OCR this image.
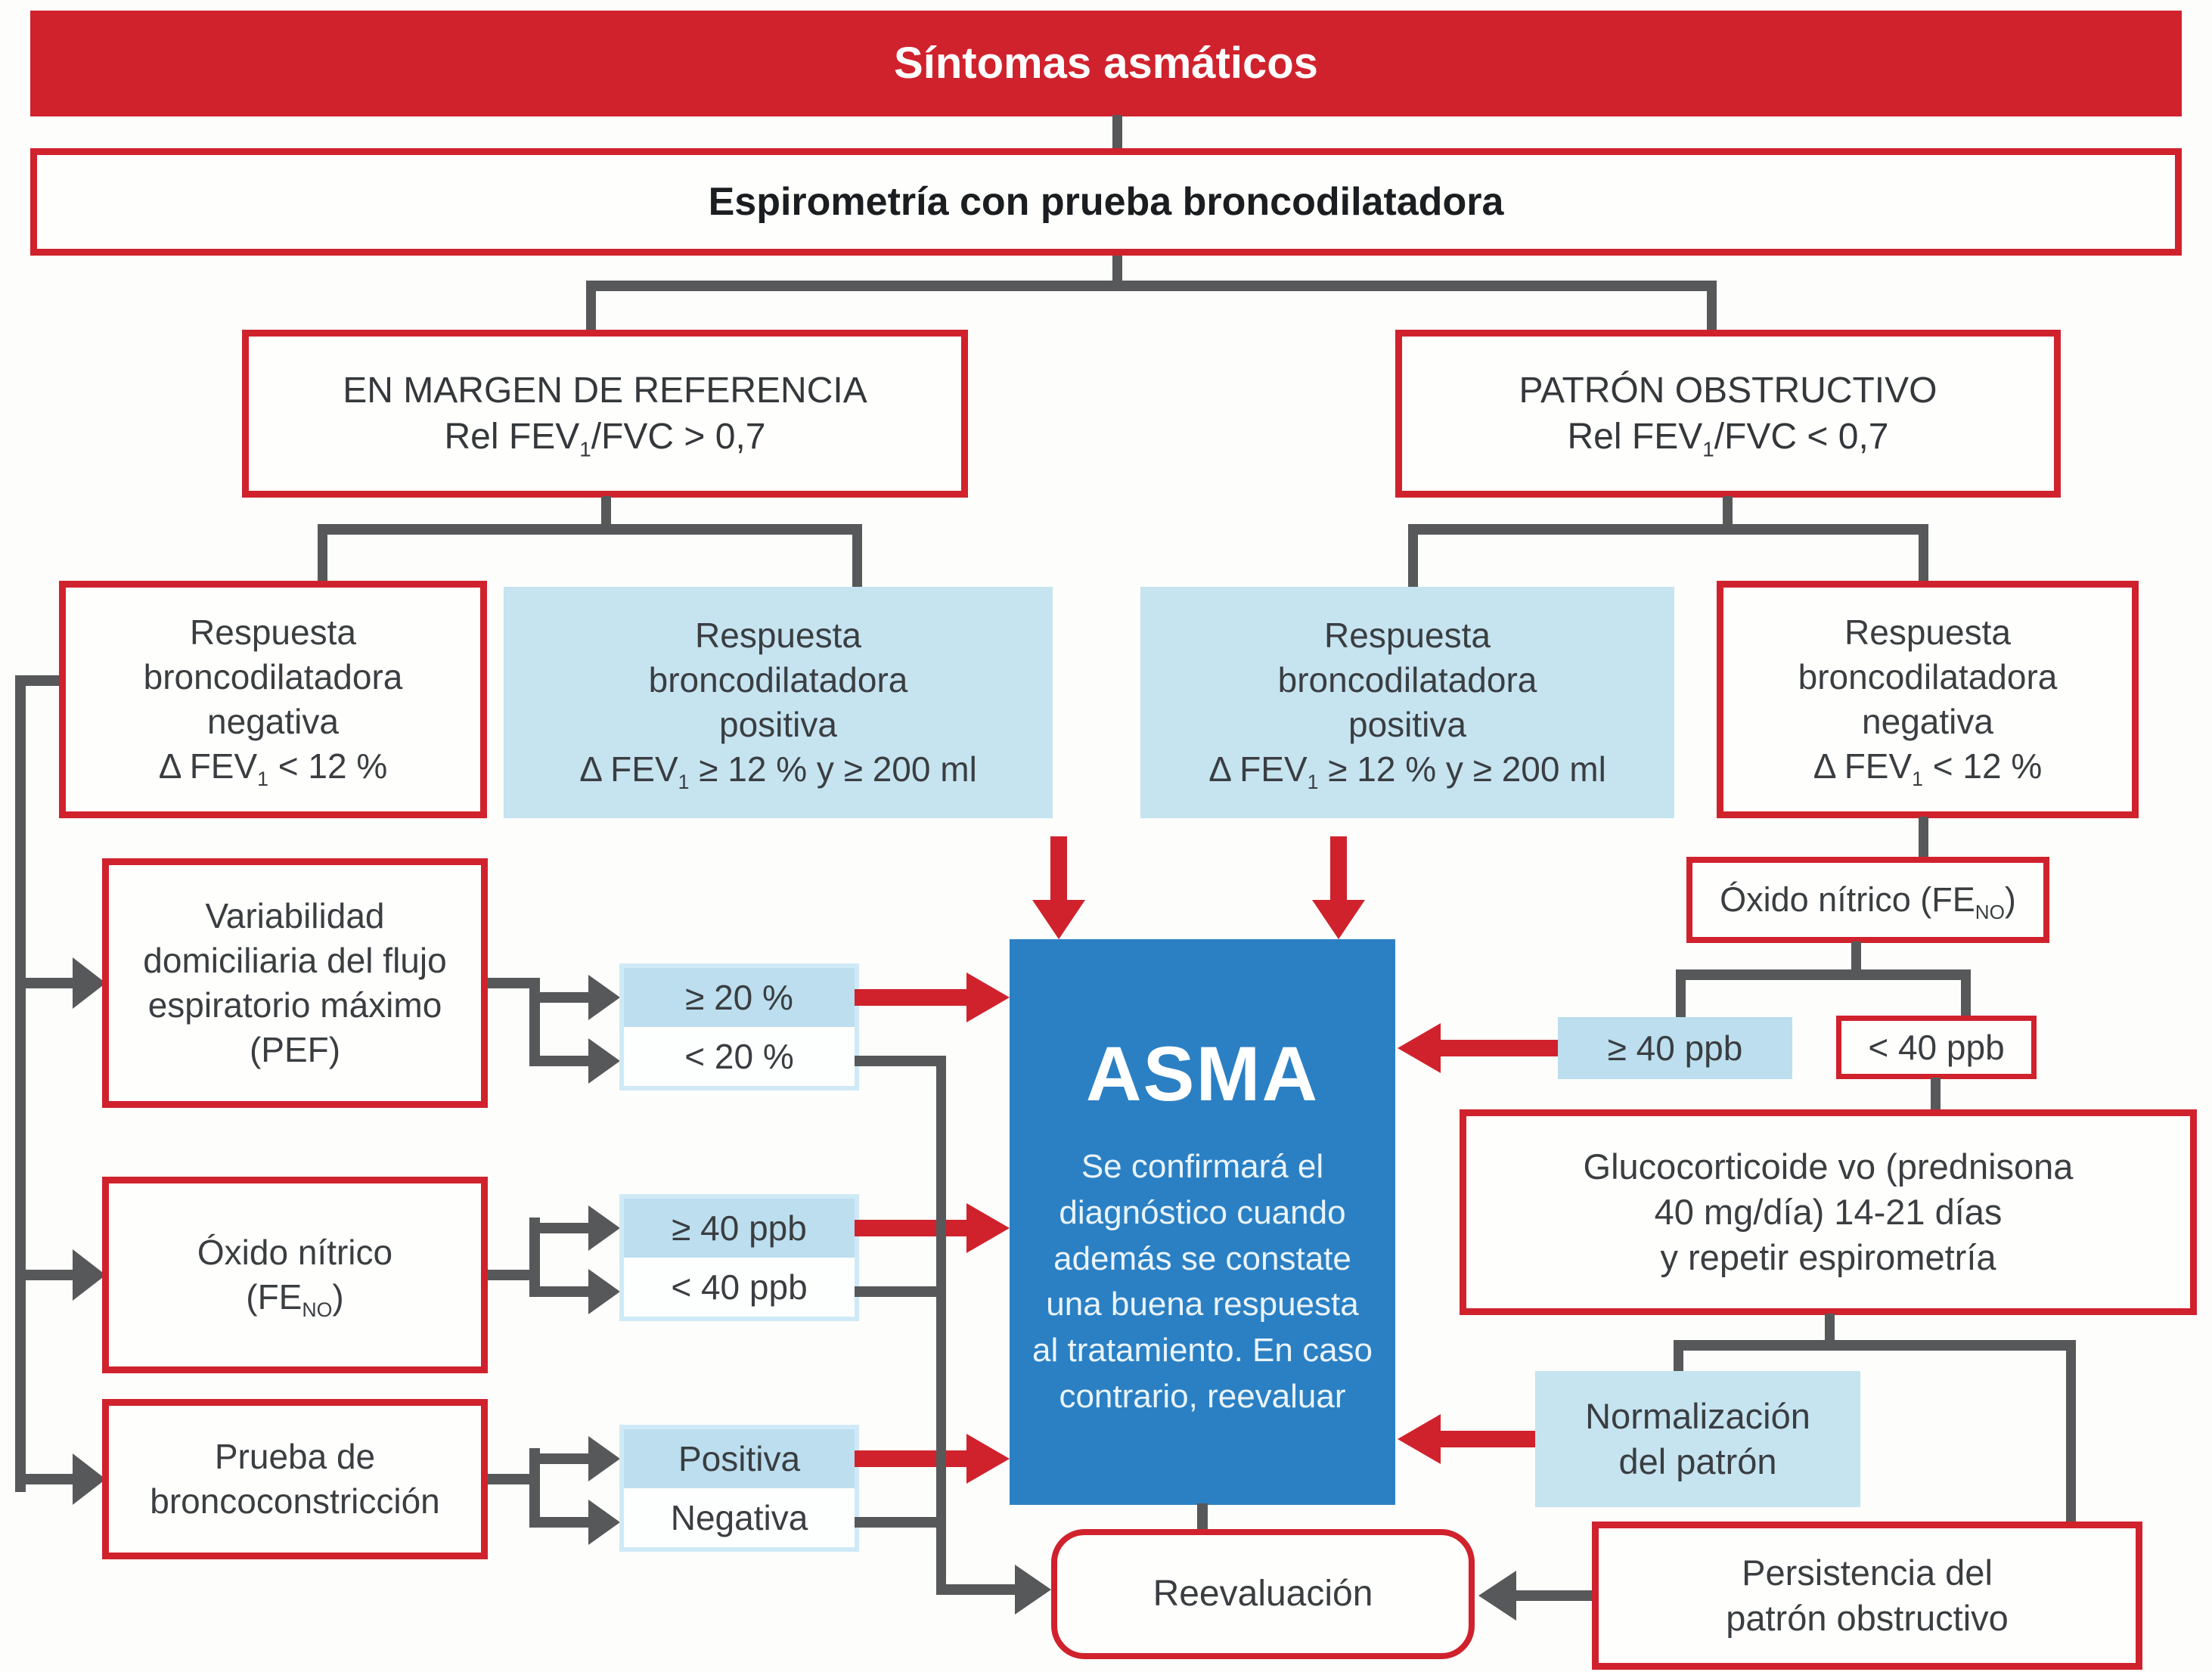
Síntomas asmáticos
Espirometría con prueba broncodilatadora
EN MARGEN DE REFERENCIA
Rel $FEV_1$/FVC > 0,7
PATRÓN OBSTRUCTIVO
Rel $FEV_1$/FVC < 0,7
Respuesta
broncodilatadora
negativa
Δ $FEV_1 < 12$ %
Respuesta
broncodilatadora
positiva
Δ $FEV_1 \ge 12$ % y ≥ 200 ml
Respuesta
broncodilatadora
positiva
Δ $FEV_1 \ge 12$ % y ≥ 200 ml
Respuesta
broncodilatadora
negativa
Δ $FEV_1 < 12$ %
Variabilidad domiciliaria del flujo espiratorio máximo (PEF)
Óxido nítrico
$(FE_{NO})$
Prueba de broncoconstricción
≥ 20 %
< 20 %
≥ 40 ppb
< 40 ppb
Positiva
Negativa
ASMA
Se confirmará el diagnóstico cuando además se constate una buena respuesta al tratamiento. En caso contrario, reevaluar
Óxido nítrico $(FE_{NO})$
≥ 40 ppb	< 40 ppb
Glucocorticoide vo (prednisona
40 mg/día) 14-21 días
y repetir espirometría
Normalización
del patrón
Persistencia del
patrón obstructivo
Reevaluación
